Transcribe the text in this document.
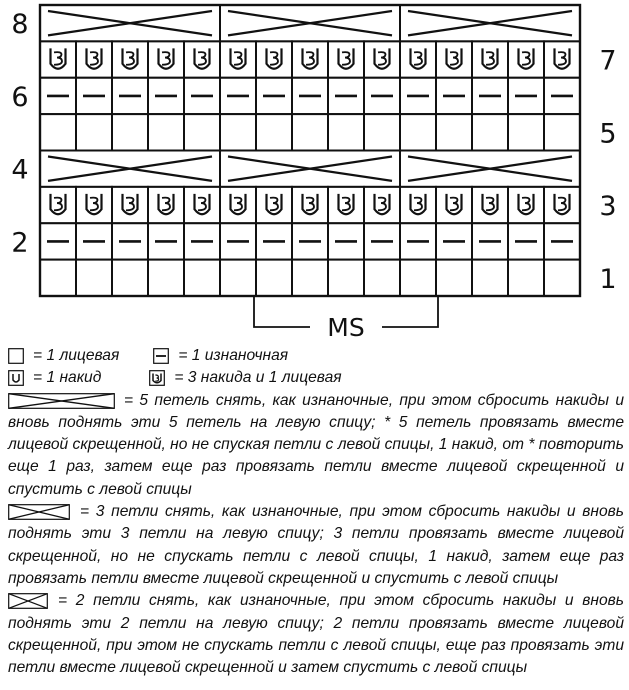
8
7
6
5
4
3
2
1
MS
= 1 лицевая	= 1 изнаночная
= 1 накид	= 3 накида и 1 лицевая
= 5 петель снять, как изнаночные, при этом сбросить накиды и вновь поднять эти 5 петель на левую спицу; * 5 петель провязать вместе лицевой скрещенной, но не спуская петли с левой спицы, 1 накид, от * повторить еще 1 раз, затем еще раз провязать петли вместе лицевой скрещенной и спустить с левой спицы
= 3 петли снять, как изнаночные, при этом сбросить накиды и вновь поднять эти 3 петли на левую спицу; 3 петли провязать вместе лицевой скрещенной, но не спускать петли с левой спицы, 1 накид, затем еще раз провязать петли вместе лицевой скрещенной и спустить с левой спицы
= 2 петли снять, как изнаночные, при этом сбросить накиды и вновь поднять эти 2 петли на левую спицу; 2 петли провязать вместе лицевой скрещенной, при этом не спускать петли с левой спицы, еще раз провязать эти петли вместе лицевой скрещенной и затем спустить с левой спицы
